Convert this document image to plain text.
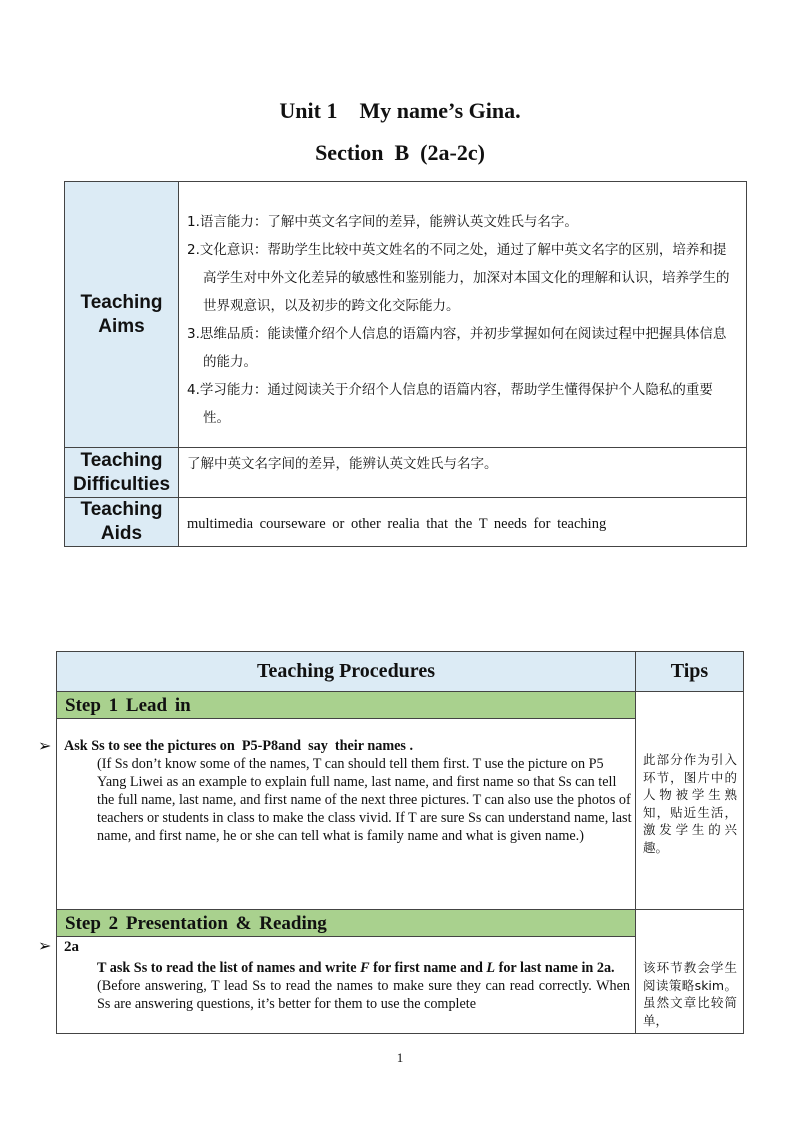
Unit 1    My name’s Gina.
Section  B  (2a-2c)
Teaching Aims

1.语言能力：了解中英文名字间的差异，能辨认英文姓氏与名字。

2.文化意识：帮助学生比较中英文姓名的不同之处，通过了解中英文名字的区别，培养和提高学生对中外文化差异的敏感性和鉴别能力，加深对本国文化的理解和认识，培养学生的世界观意识，以及初步的跨文化交际能力。

3.思维品质：能读懂介绍个人信息的语篇内容，并初步掌握如何在阅读过程中把握具体信息的能力。

4.学习能力：通过阅读关于介绍个人信息的语篇内容，帮助学生懂得保护个人隐私的重要性。

Teaching Difficulties
了解中英文名字间的差异，能辨认英文姓氏与名字。
Teaching Aids	multimedia courseware or other realia that the T needs for teaching
Teaching Procedures	Tips
Step 1 Lead in
Step 2 Presentation & Reading
此部分作为引入环节，图片中的人物被学生熟知，贴近生活，激发学生的兴趣。
该环节教会学生阅读策略skim。虽然文章比较简单，
➢ Ask Ss to see the pictures on  P5-P8and  say  their names .
(If Ss don’t know some of the names, T can should tell them first. T use the picture on P5 Yang Liwei as an example to explain full name, last name, and first name so that Ss can tell the full name, last name, and first name of the next three pictures. T can also use the photos of teachers or students in class to make the class vivid. If T are sure Ss can understand name, last name, and first name, he or she can tell what is family name and what is given name.)
➢ 2a
T ask Ss to read the list of names and write F for first name and L for last name in 2a.
(Before answering, T lead Ss to read the names to make sure they can read correctly. When Ss are answering questions, it’s better for them to use the complete
1
